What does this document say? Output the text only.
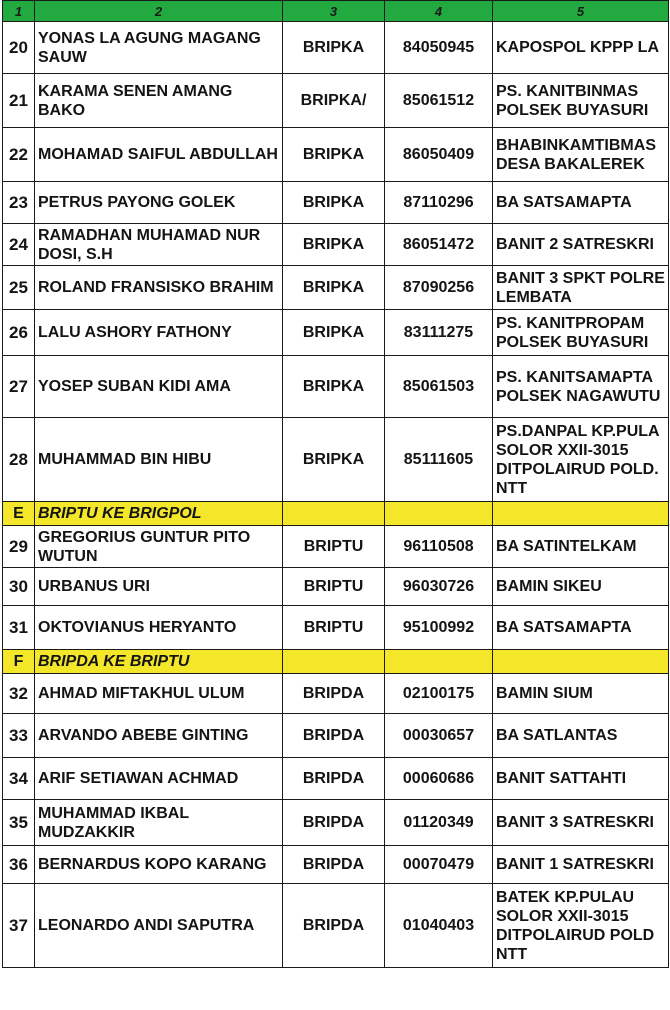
1	2	3	4	5
20	YONAS LA AGUNG MAGANG SAUW	BRIPKA	84050945	KAPOSPOL KPPP LA
21	KARAMA SENEN AMANG BAKO	BRIPKA/	85061512	PS. KANITBINMAS
POLSEK BUYASURI
22	MOHAMAD SAIFUL ABDULLAH	BRIPKA	86050409	BHABINKAMTIBMAS
DESA BAKALEREK
23	PETRUS PAYONG GOLEK	BRIPKA	87110296	BA SATSAMAPTA
24	RAMADHAN MUHAMAD NUR DOSI, S.H	BRIPKA	86051472	BANIT 2 SATRESKRI
25	ROLAND FRANSISKO BRAHIM	BRIPKA	87090256	BANIT 3 SPKT POLRE
LEMBATA
26	LALU ASHORY FATHONY	BRIPKA	83111275	PS. KANITPROPAM
POLSEK BUYASURI
27	YOSEP SUBAN KIDI AMA	BRIPKA	85061503	PS. KANITSAMAPTA
POLSEK NAGAWUTU
28	MUHAMMAD BIN HIBU	BRIPKA	85111605	PS.DANPAL KP.PULA
SOLOR XXII-3015
DITPOLAIRUD POLD.
NTT
E	BRIPTU KE BRIGPOL			
29	GREGORIUS GUNTUR PITO WUTUN	BRIPTU	96110508	BA SATINTELKAM
30	URBANUS URI	BRIPTU	96030726	BAMIN SIKEU
31	OKTOVIANUS HERYANTO	BRIPTU	95100992	BA SATSAMAPTA
F	BRIPDA KE BRIPTU			
32	AHMAD MIFTAKHUL ULUM	BRIPDA	02100175	BAMIN SIUM
33	ARVANDO ABEBE GINTING	BRIPDA	00030657	BA SATLANTAS
34	ARIF SETIAWAN ACHMAD	BRIPDA	00060686	BANIT SATTAHTI
35	MUHAMMAD IKBAL MUDZAKKIR	BRIPDA	01120349	BANIT 3 SATRESKRI
36	BERNARDUS KOPO KARANG	BRIPDA	00070479	BANIT 1 SATRESKRI
37	LEONARDO ANDI SAPUTRA	BRIPDA	01040403	BATEK KP.PULAU
SOLOR XXII-3015
DITPOLAIRUD POLD
NTT
